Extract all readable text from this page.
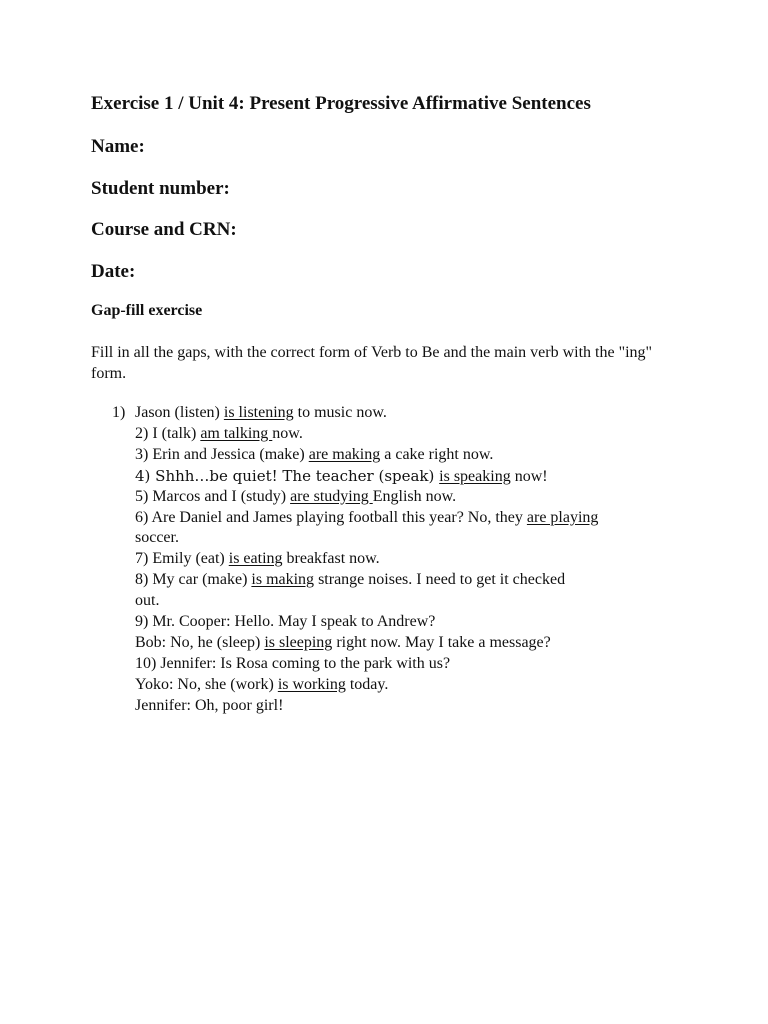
Exercise 1 / Unit 4: Present Progressive Affirmative Sentences
Name:
Student number:
Course and CRN:
Date:
Gap-fill exercise

Fill in all the gaps, with the correct form of Verb to Be and the main verb with the "ing" form.

1) Jason (listen) is listening to music now.
2) I (talk) am talking now.
3) Erin and Jessica (make) are making a cake right now.
4) Shhh…be quiet! The teacher (speak) is speaking now!
5) Marcos and I (study) are studying English now.
6) Are Daniel and James playing football this year? No, they are playing
soccer.
7) Emily (eat) is eating breakfast now.
8) My car (make) is making strange noises. I need to get it checked
out.
9) Mr. Cooper: Hello. May I speak to Andrew?
Bob: No, he (sleep) is sleeping right now. May I take a message?
10) Jennifer: Is Rosa coming to the park with us?
Yoko: No, she (work) is working today.
Jennifer: Oh, poor girl!
